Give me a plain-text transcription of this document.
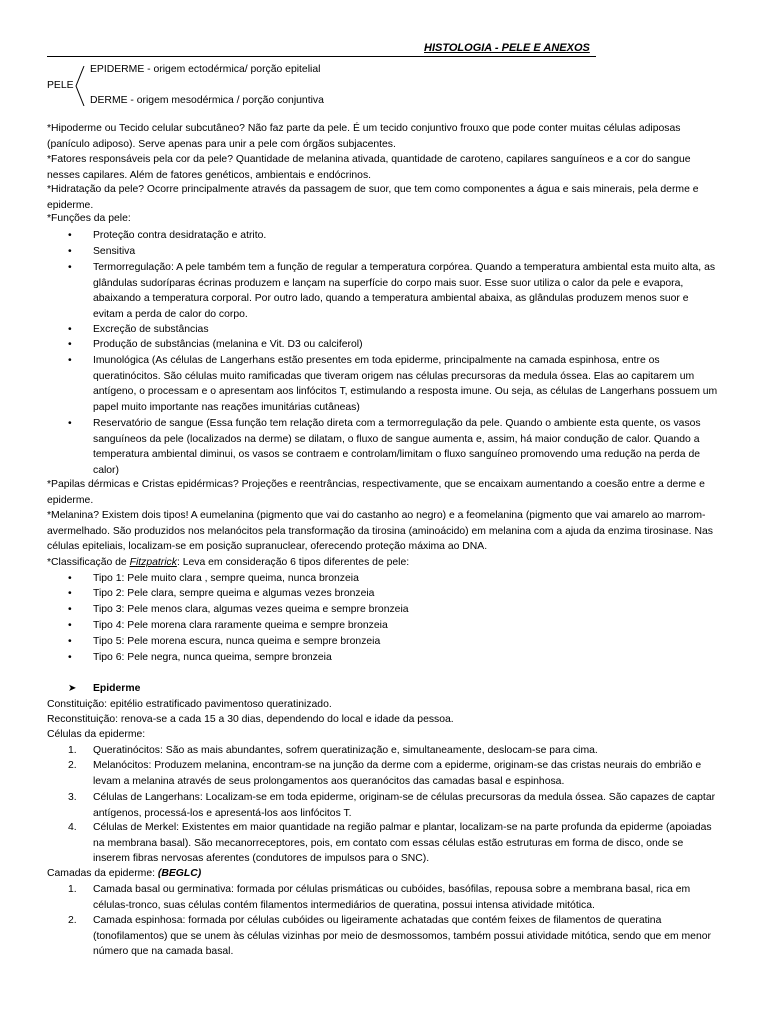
HISTOLOGIA - PELE E ANEXOS
PELE
EPIDERME - origem ectodérmica/ porção epitelial
DERME - origem mesodérmica / porção conjuntiva
*Hipoderme ou Tecido celular subcutâneo? Não faz parte da pele. É um tecido conjuntivo frouxo que pode conter muitas células adiposas (panículo adiposo). Serve apenas para unir a pele com órgãos subjacentes.
*Fatores responsáveis pela cor da pele? Quantidade de melanina ativada, quantidade de caroteno, capilares sanguíneos e a cor do sangue nesses capilares. Além de fatores genéticos, ambientais e endócrinos.
*Hidratação da pele? Ocorre principalmente através da passagem de suor, que tem como componentes a água e sais minerais, pela derme e epiderme.
*Funções da pele:
• Proteção contra desidratação e atrito.
• Sensitiva
• Termorregulação: A pele também tem a função de regular a temperatura corpórea. Quando a temperatura ambiental esta muito alta, as glândulas sudoríparas écrinas produzem e lançam na superfície do corpo mais suor. Esse suor utiliza o calor da pele e evapora, abaixando a temperatura corporal. Por outro lado, quando a temperatura ambiental abaixa, as glândulas produzem menos suor e evitam a perda de calor do corpo.
• Excreção de substâncias
• Produção de substâncias (melanina e Vit. D3 ou calciferol)
• Imunológica (As células de Langerhans estão presentes em toda epiderme, principalmente na camada espinhosa, entre os queratinócitos. São células muito ramificadas que tiveram origem nas células precursoras da medula óssea. Elas ao capitarem um antígeno, o processam e o apresentam aos linfócitos T, estimulando a resposta imune. Ou seja, as células de Langerhans possuem um papel muito importante nas reações imunitárias cutâneas)
• Reservatório de sangue (Essa função tem relação direta com a termorregulação da pele. Quando o ambiente esta quente, os vasos sanguíneos da pele (localizados na derme) se dilatam, o fluxo de sangue aumenta e, assim, há maior condução de calor. Quando a temperatura ambiental diminui, os vasos se contraem e controlam/limitam o fluxo sanguíneo promovendo uma redução na perda de calor)
*Papilas dérmicas e Cristas epidérmicas? Projeções e reentrâncias, respectivamente, que se encaixam aumentando a coesão entre a derme e epiderme.
*Melanina? Existem dois tipos! A eumelanina (pigmento que vai do castanho ao negro) e a feomelanina (pigmento que vai amarelo ao marrom-avermelhado. São produzidos nos melanócitos pela transformação da tirosina (aminoácido) em melanina com a ajuda da enzima tirosinase. Nas células epiteliais, localizam-se em posição supranuclear, oferecendo proteção máxima ao DNA.
*Classificação de Fitzpatrick: Leva em consideração 6 tipos diferentes de pele:
• Tipo 1: Pele muito clara , sempre queima, nunca bronzeia
• Tipo 2: Pele clara, sempre queima e algumas vezes bronzeia
• Tipo 3: Pele menos clara, algumas vezes queima e sempre bronzeia
• Tipo 4: Pele morena clara raramente queima e sempre bronzeia
• Tipo 5: Pele morena escura, nunca queima e sempre bronzeia
• Tipo 6: Pele negra, nunca queima, sempre bronzeia
➤ Epiderme
Constituição: epitélio estratificado pavimentoso queratinizado.
Reconstituição: renova-se a cada 15 a 30 dias, dependendo do local e idade da pessoa.
Células da epiderme:
1. Queratinócitos: São as mais abundantes, sofrem queratinização e, simultaneamente, deslocam-se para cima.
2. Melanócitos: Produzem melanina, encontram-se na junção da derme com a epiderme, originam-se das cristas neurais do embrião e levam a melanina através de seus prolongamentos aos queranócitos das camadas basal e espinhosa.
3. Células de Langerhans: Localizam-se em toda epiderme, originam-se de células precursoras da medula óssea. São capazes de captar antígenos, processá-los e apresentá-los aos linfócitos T.
4. Células de Merkel: Existentes em maior quantidade na região palmar e plantar, localizam-se na parte profunda da epiderme (apoiadas na membrana basal). São mecanorreceptores, pois, em contato com essas células estão estruturas em forma de disco, onde se inserem fibras nervosas aferentes (condutores de impulsos para o SNC).
Camadas da epiderme: (BEGLC)
1. Camada basal ou germinativa: formada por células prismáticas ou cubóides, basófilas, repousa sobre a membrana basal, rica em células-tronco, suas células contém filamentos intermediários de queratina, possui intensa atividade mitótica.
2. Camada espinhosa: formada por células cubóides ou ligeiramente achatadas que contém feixes de filamentos de queratina (tonofilamentos) que se unem às células vizinhas por meio de desmossomos, também possui atividade mitótica, sendo que em menor número que na camada basal.
